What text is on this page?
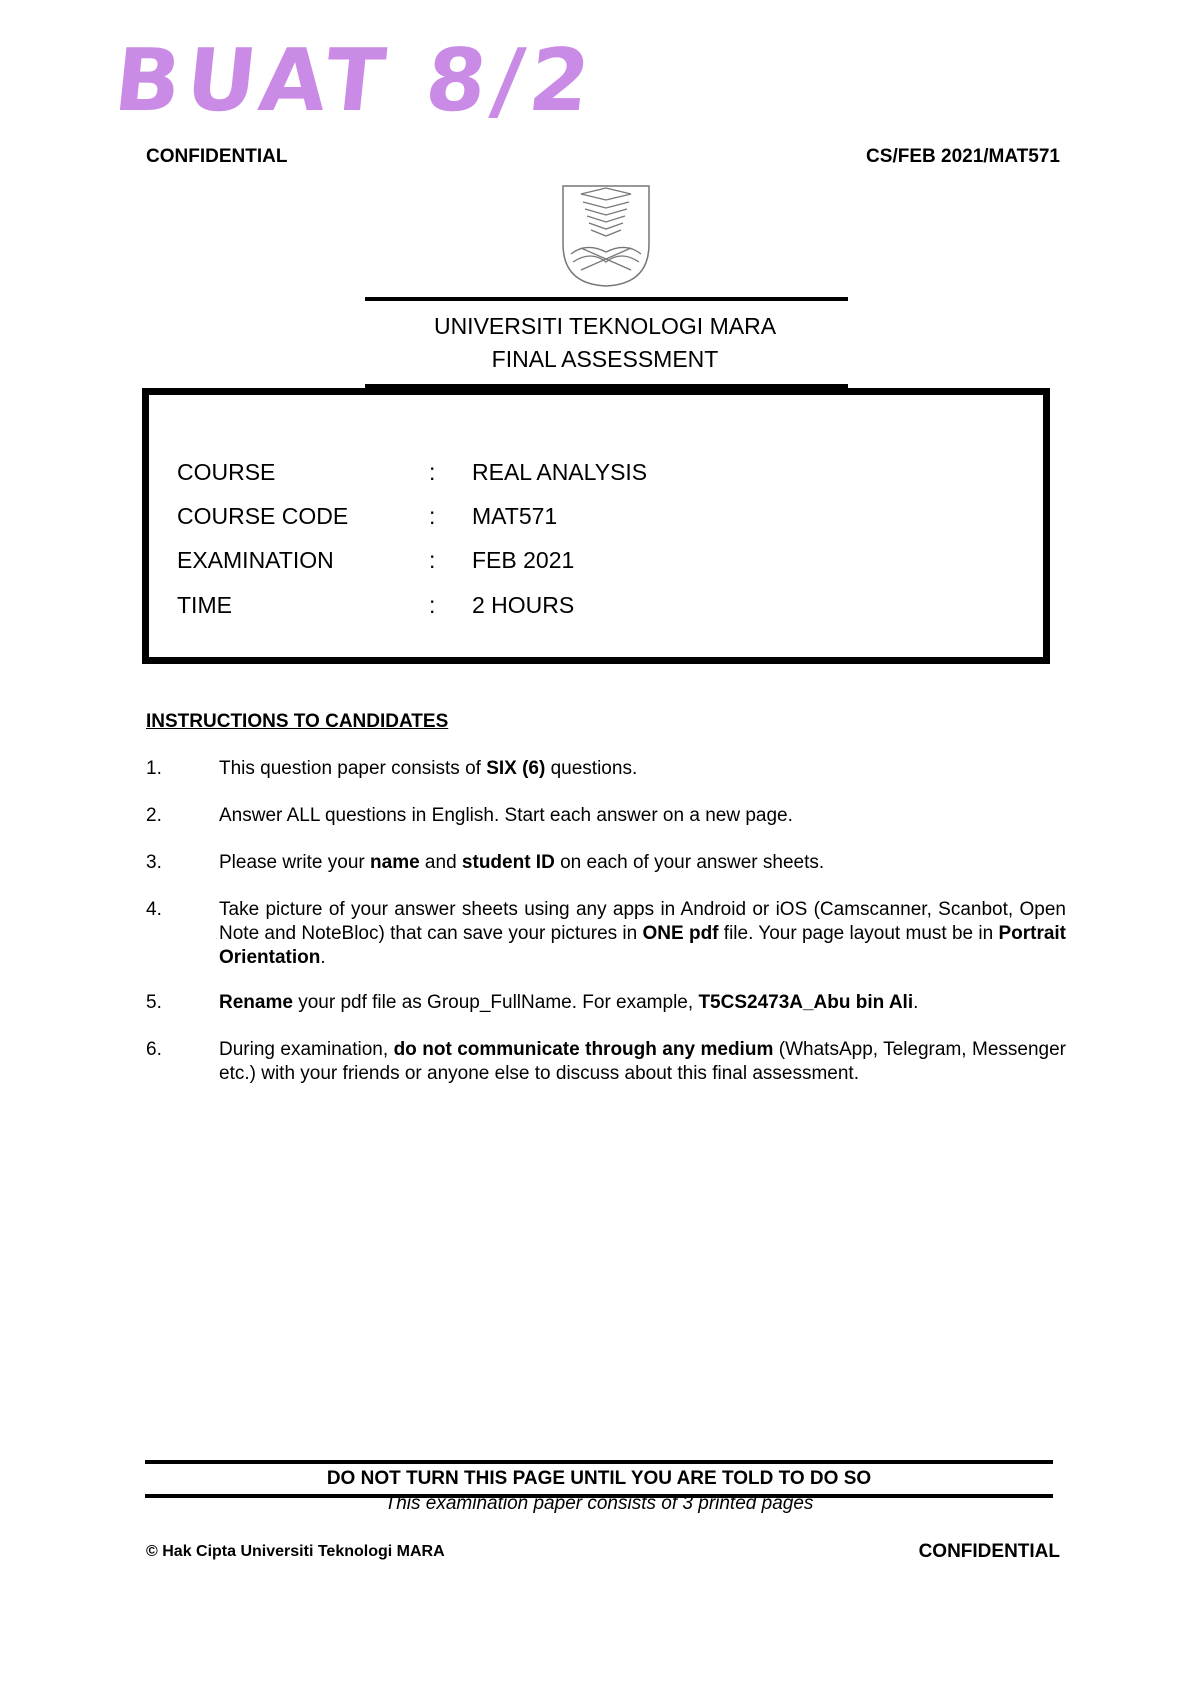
BUAT 8/2
CONFIDENTIAL	CS/FEB 2021/MAT571
UNIVERSITI TEKNOLOGI MARA
FINAL ASSESSMENT
COURSE	: REAL ANALYSIS
COURSE CODE	: MAT571
EXAMINATION	: FEB 2021
TIME	: 2 HOURS
INSTRUCTIONS TO CANDIDATES
1.	This question paper consists of SIX (6) questions.
2.	Answer ALL questions in English. Start each answer on a new page.
3.	Please write your name and student ID on each of your answer sheets.
4.	Take picture of your answer sheets using any apps in Android or iOS (Camscanner, Scanbot, Open Note and NoteBloc) that can save your pictures in ONE pdf file. Your page layout must be in Portrait Orientation.
5.	Rename your pdf file as Group_FullName. For example, T5CS2473A_Abu bin Ali.
6.	During examination, do not communicate through any medium (WhatsApp, Telegram, Messenger etc.) with your friends or anyone else to discuss about this final assessment.
DO NOT TURN THIS PAGE UNTIL YOU ARE TOLD TO DO SO
This examination paper consists of 3 printed pages
© Hak Cipta Universiti Teknologi MARA	CONFIDENTIAL
